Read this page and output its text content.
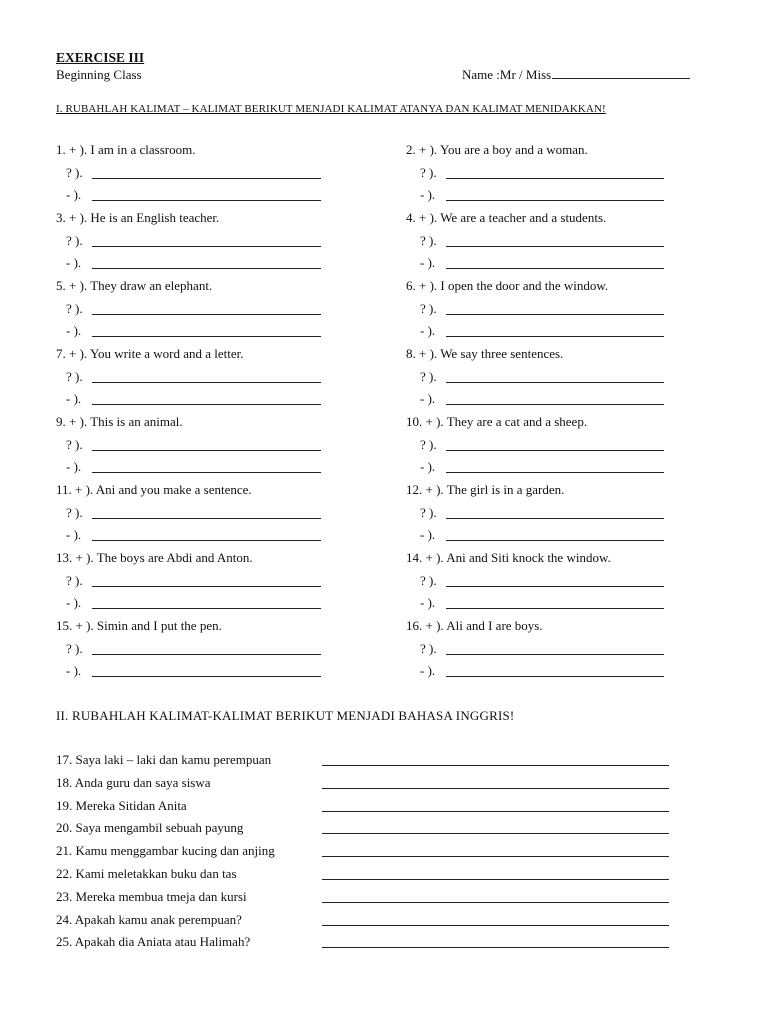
EXERCISE III
Beginning Class	Name :Mr / Miss
I. RUBAHLAH KALIMAT – KALIMAT BERIKUT MENJADI KALIMAT ATANYA DAN KALIMAT MENIDAKKAN!
1. + ). I am in a classroom.
? ).
- ).
2. + ). You are a boy and a woman.
? ).
- ).
3. + ). He is an English teacher.
? ).
- ).
4. + ). We are a teacher and a students.
? ).
- ).
5. + ). They draw an elephant.
? ).
- ).
6. + ). I open the door and the window.
? ).
- ).
7. + ). You write a word and a letter.
? ).
- ).
8. + ). We say three sentences.
? ).
- ).
9. + ). This is an animal.
? ).
- ).
10. + ). They are a cat and a sheep.
? ).
- ).
11. + ). Ani and you make a sentence.
? ).
- ).
12. + ). The girl is in a garden.
? ).
- ).
13. + ). The boys are Abdi and Anton.
? ).
- ).
14. + ). Ani and Siti knock the window.
? ).
- ).
15. + ). Simin and I put the pen.
? ).
- ).
16. + ). Ali and I are boys.
? ).
- ).
II. RUBAHLAH KALIMAT-KALIMAT BERIKUT MENJADI BAHASA INGGRIS!
17. Saya laki – laki dan kamu perempuan
18. Anda guru dan saya siswa
19. Mereka Sitidan Anita
20. Saya mengambil sebuah payung
21. Kamu menggambar kucing dan anjing
22. Kami meletakkan buku dan tas
23. Mereka membua tmeja dan kursi
24. Apakah kamu anak perempuan?
25. Apakah dia Aniata atau Halimah?
